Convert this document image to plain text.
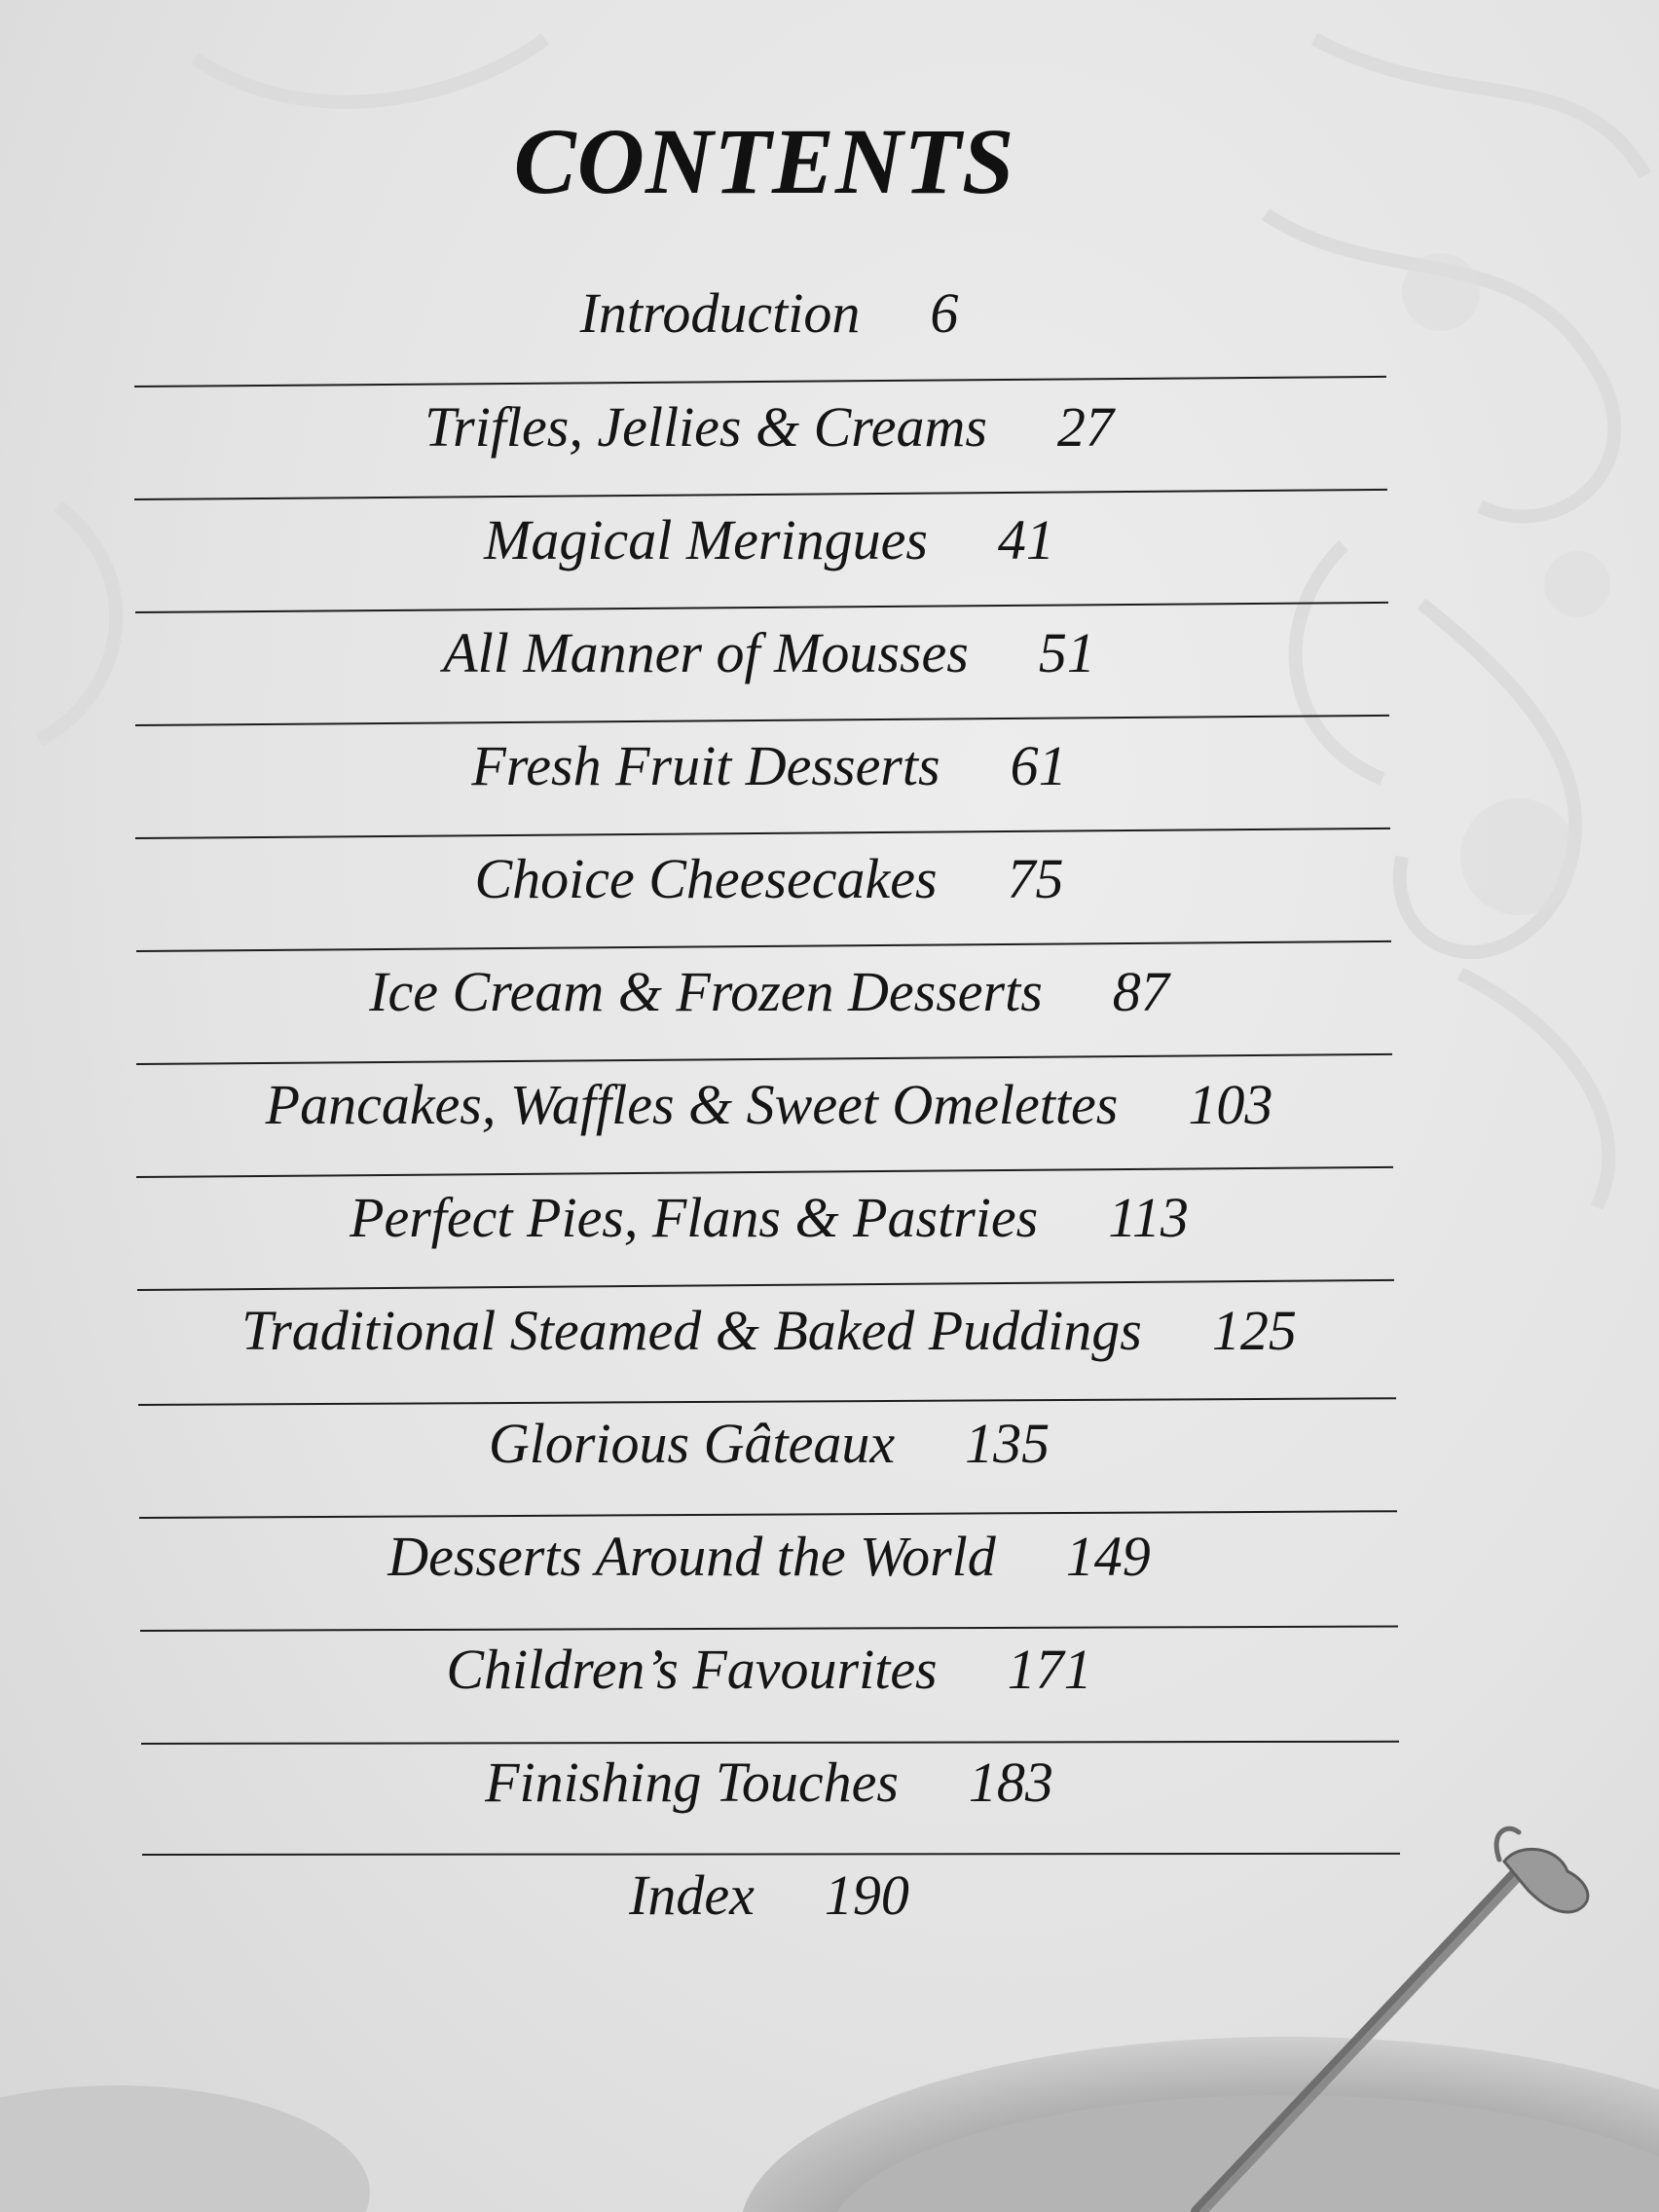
CONTENTS
Introduction 6
Trifles, Jellies & Creams 27
Magical Meringues 41
All Manner of Mousses 51
Fresh Fruit Desserts 61
Choice Cheesecakes 75
Ice Cream & Frozen Desserts 87
Pancakes, Waffles & Sweet Omelettes 103
Perfect Pies, Flans & Pastries 113
Traditional Steamed & Baked Puddings 125
Glorious Gâteaux 135
Desserts Around the World 149
Children’s Favourites 171
Finishing Touches 183
Index 190
